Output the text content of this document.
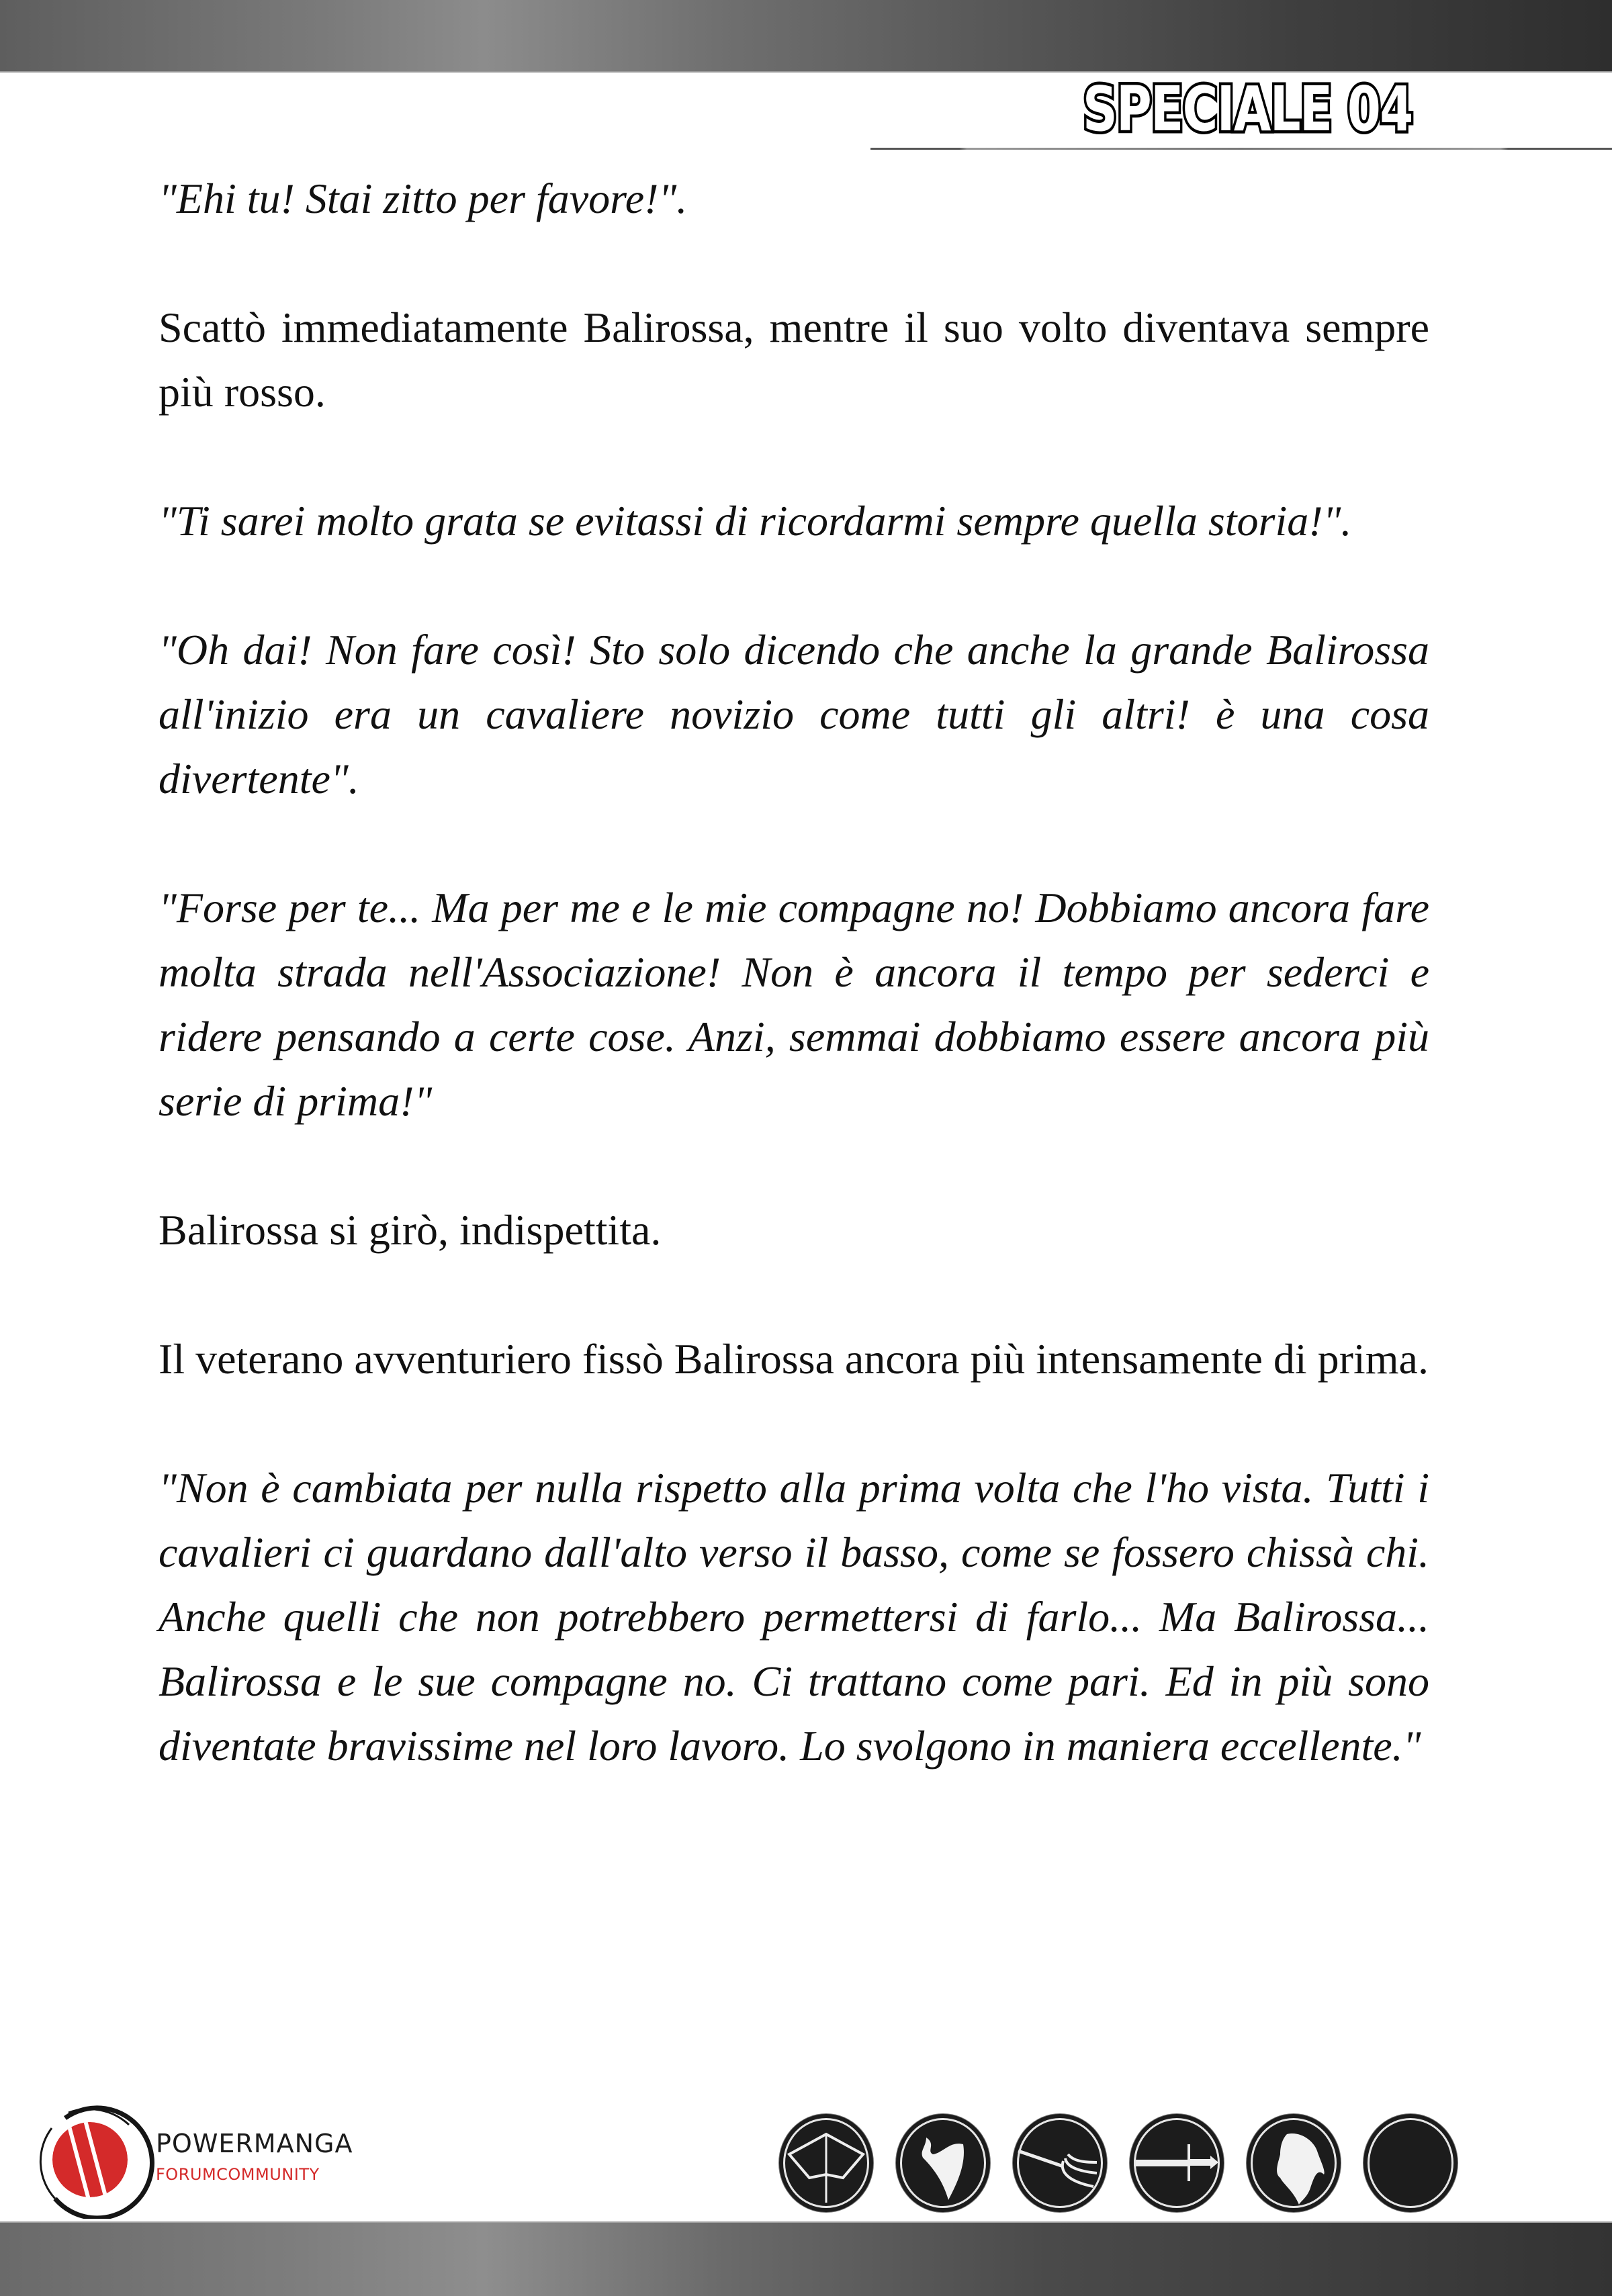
SPECIALE 04

"Ehi tu! Stai zitto per favore!".

Scattò immediatamente Balirossa, mentre il suo volto diventava sempre più rosso.

"Ti sarei molto grata se evitassi di ricordarmi sempre quella storia!".

"Oh dai! Non fare così! Sto solo dicendo che anche la grande Balirossa all'inizio era un cavaliere novizio come tutti gli altri! è una cosa divertente".

"Forse per te... Ma per me e le mie compagne no! Dobbiamo ancora fare molta strada nell'Associazione! Non è ancora il tempo per sederci e ridere pensando a certe cose. Anzi, semmai dobbiamo essere ancora più serie di prima!"

Balirossa si girò, indispettita.

Il veterano avventuriero fissò Balirossa ancora più intensamente di prima.

"Non è cambiata per nulla rispetto alla prima volta che l'ho vista. Tutti i cavalieri ci guardano dall'alto verso il basso, come se fossero chissà chi. Anche quelli che non potrebbero permettersi di farlo... Ma Balirossa... Balirossa e le sue compagne no. Ci trattano come pari. Ed in più sono diventate bravissime nel loro lavoro. Lo svolgono in maniera eccellente."

POWERMANGA
FORUMCOMMUNITY
